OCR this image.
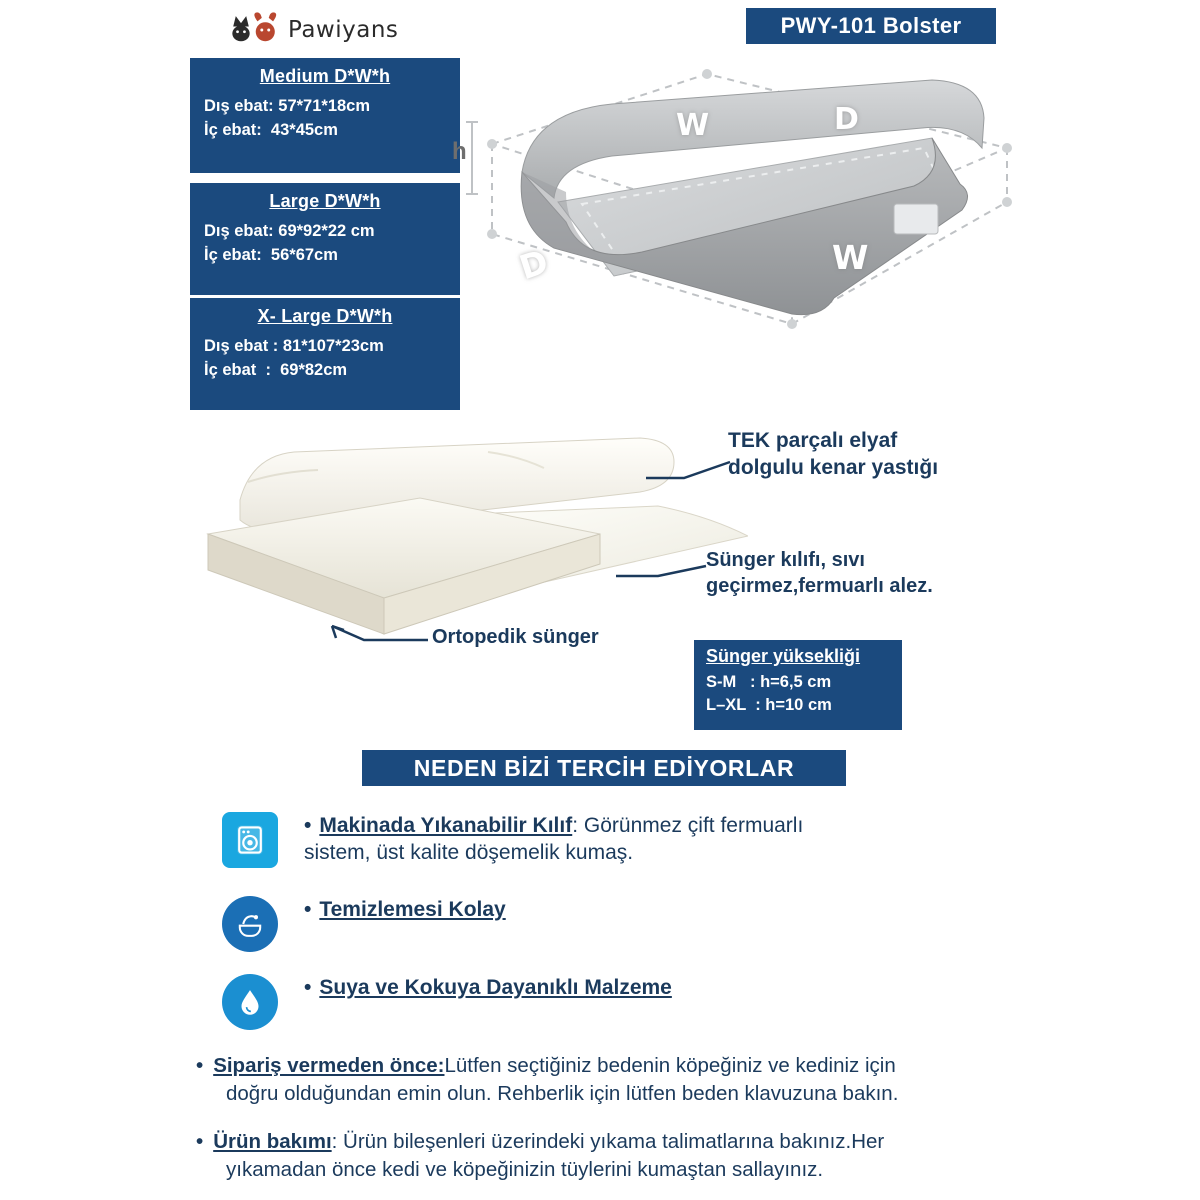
Pawiyans	PWY-101 Bolster
Medium D*W*h
Dış ebat: 57*71*18cm
İç ebat:  43*45cm
Large D*W*h
Dış ebat: 69*92*22 cm
İç ebat:  56*67cm
X- Large D*W*h
Dış ebat : 81*107*23cm
İç ebat  :  69*82cm
W	D
D	W
h
TEK parçalı elyaf
dolgulu kenar yastığı
Sünger kılıfı, sıvı
geçirmez,fermuarlı alez.
Ortopedik sünger
Sünger yüksekliği
S-M   : h=6,5 cm
L–XL  : h=10 cm
NEDEN BİZİ TERCİH EDİYORLAR
• Makinada Yıkanabilir Kılıf: Görünmez çift fermuarlı
sistem, üst kalite döşemelik kumaş.
• Temizlemesi Kolay
• Suya ve Kokuya Dayanıklı Malzeme
• Sipariş vermeden önce:Lütfen seçtiğiniz bedenin köpeğiniz ve kediniz için
doğru olduğundan emin olun. Rehberlik için lütfen beden klavuzuna bakın.
• Ürün bakımı: Ürün bileşenleri üzerindeki yıkama talimatlarına bakınız.Her
yıkamadan önce kedi ve köpeğinizin tüylerini kumaştan sallayınız.
